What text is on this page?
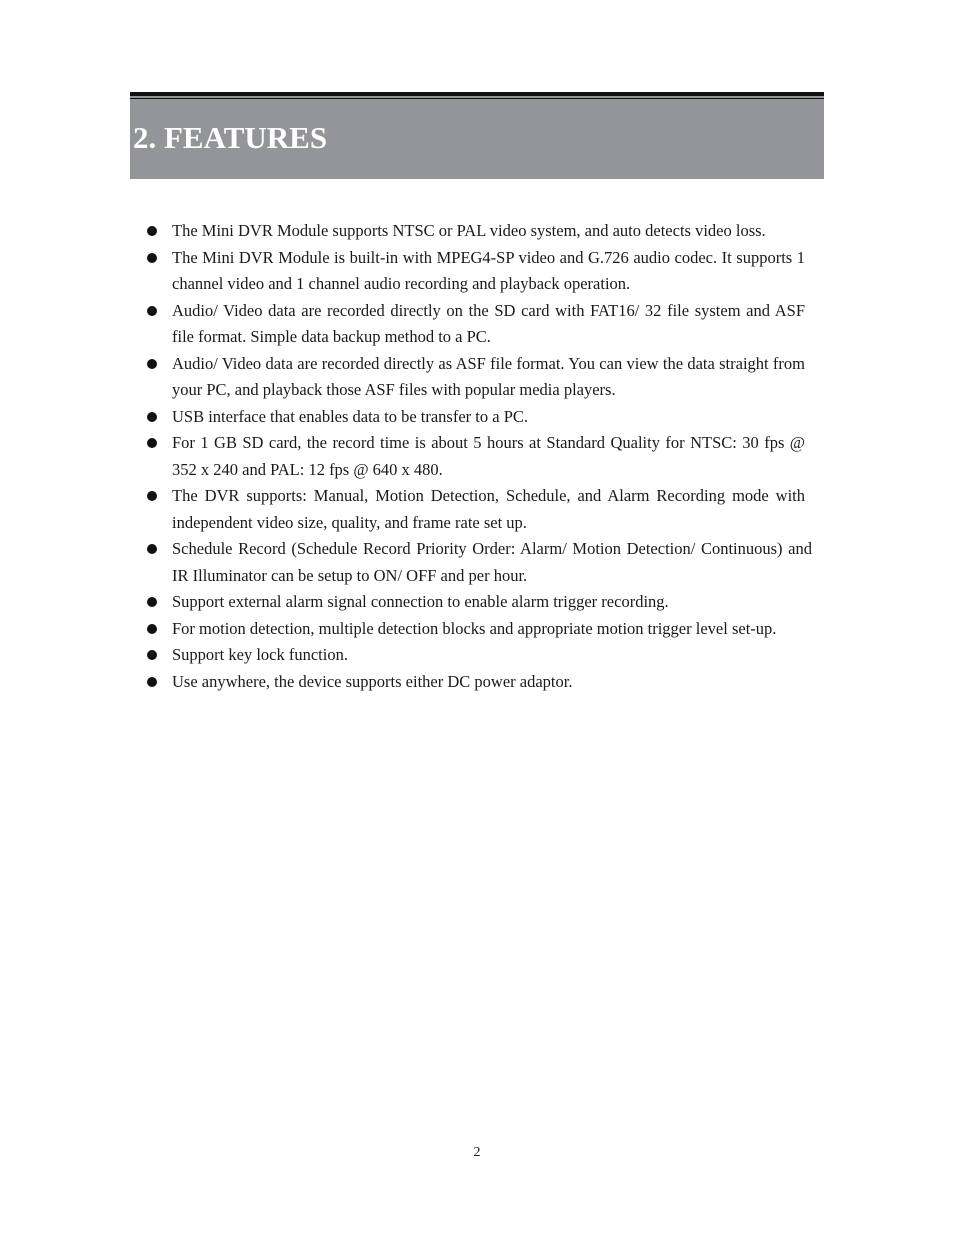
2. FEATURES
The Mini DVR Module supports NTSC or PAL video system, and auto detects video loss.
The Mini DVR Module is built-in with MPEG4-SP video and G.726 audio codec. It supports 1 channel video and 1 channel audio recording and playback operation.
Audio/ Video data are recorded directly on the SD card with FAT16/ 32 file system and ASF file format. Simple data backup method to a PC.
Audio/ Video data are recorded directly as ASF file format. You can view the data straight from your PC, and playback those ASF files with popular media players.
USB interface that enables data to be transfer to a PC.
For 1 GB SD card, the record time is about 5 hours at Standard Quality for NTSC: 30 fps @ 352 x 240 and PAL: 12 fps @ 640 x 480.
The DVR supports: Manual, Motion Detection, Schedule, and Alarm Recording mode with independent video size, quality, and frame rate set up.
Schedule Record (Schedule Record Priority Order: Alarm/ Motion Detection/ Continuous) and IR Illuminator can be setup to ON/ OFF and per hour.
Support external alarm signal connection to enable alarm trigger recording.
For motion detection, multiple detection blocks and appropriate motion trigger level set-up.
Support key lock function.
Use anywhere, the device supports either DC power adaptor.
2
